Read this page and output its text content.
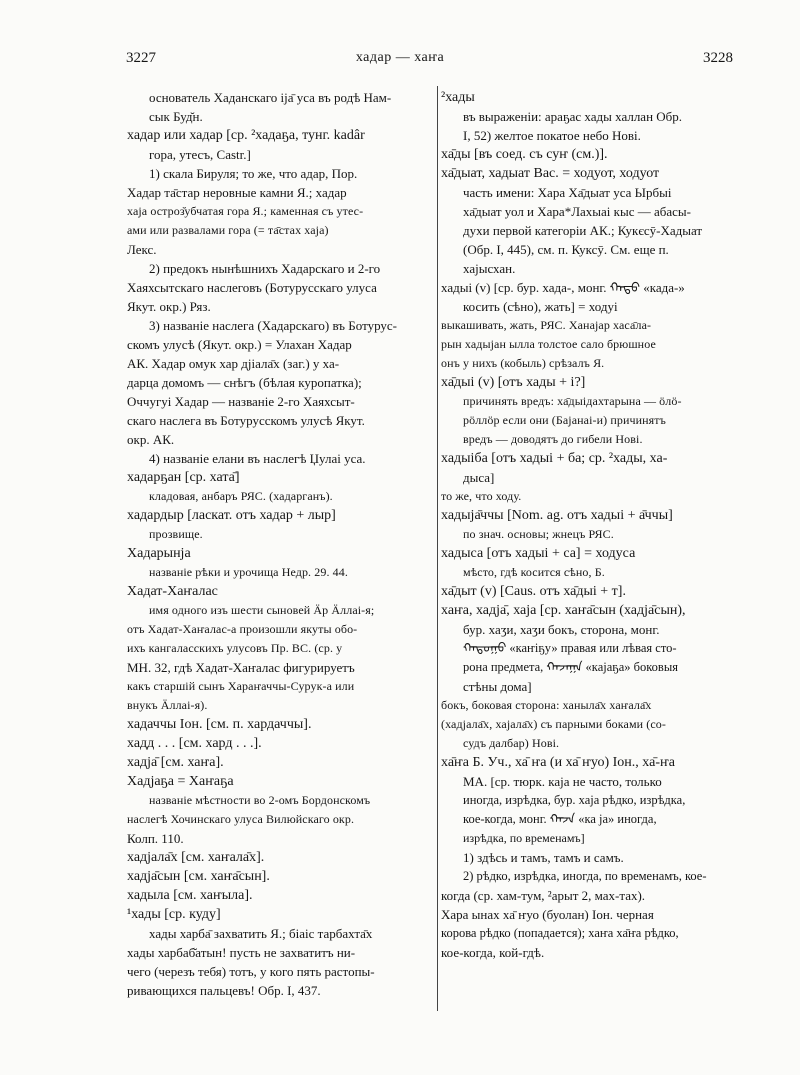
3227	хадар — хаҥа	3228
основатель Хаданскаго іја̄ уса въ родѣ Нам-
сык Буд̆н.
хадар или хадар [ср. ²хадаҕа, тунг. kadâr
гора, утесъ, Castr.]
1) скала Бируля; то же, что адар, Пор.
Хадар та̄стар неровные камни Я.; хадар
хаја остроз̆убчатая гора Я.; каменная съ утес-
ами или развалами гора (= та̄стах хаја)
Лекс.
2) предокъ нынѣшнихъ Хадарскаго и 2-го
Хаяхсытскаго наслеговъ (Ботурусскаго улуса
Якут. окр.) Ряз.
3) названіе наслега (Хадарскаго) въ Ботурус-
скомъ улусѣ (Якут. окр.) = Улахан Хадар
АК. Хадар омук хар дјіала̄х (заг.) у ха-
дарца домомъ — снѣгъ (бѣлая куропатка);
Оччугуі Хадар — названіе 2-го Хаяхсыт-
скаго наслега въ Ботурусскомъ улусѣ Якут.
окр. АК.
4) названіе елани въ наслегѣ Џулаі уса.
хадарҕан [ср. хата̄]
кладовая, анбаръ РЯС. (хадарганъ).
хадардыр [ласкат. отъ хадар + лыр]
прозвище.
Хадарынја
названіе рѣки и урочища Недр. 29. 44.
Хадат-Хаҥалас
имя одного изъ шести сыновей Ӓр Ӓллаі-я;
отъ Хадат-Хаҥалас-а произошли якуты обо-
ихъ кангаласскихъ улусовъ Пр. ВС. (ср. у
МН. 32, гдѣ Хадат-Хаҥалас фигурируетъ
какъ старшій сынъ Хараҥаччы-Сурук-а или
внукъ Ӓллаі-я).
хадаччы Іон. [см. п. хардаччы].
хадд . . . [см. хард . . .].
хадја̄ [см. хаҥа].
Хадјаҕа = Хаҥаҕа
названіе мѣстности во 2-омъ Бордонскомъ
наслегѣ Хочинскаго улуса Вилюйскаго окр.
Колп. 110.
хадјала̄х [см. хаҥала̄х].
хадја̄сын [см. хаҥа̄сын].
хадыла [см. хаҥыла].
¹хады [ср. куду]
хады харба̄ захватить Я.; біаіс тарбахта̄х
хады харбаб̆атын! пусть не захватитъ ни-
чего (черезъ тебя) тотъ, у кого пять растопы-
ривающихся пальцевъ! Обр. І, 437.
²хады
въ выраженіи: араҕас хады халлан Обр.
I, 52) желтое покатое небо Нові.
ха̄ды [въ соед. съ суҥ (см.)].
ха̄дыат, хадыат Вас. = ходуот, ходуот
часть имени: Хара Ха̄дыат уса Ырбыі
ха̄дыат уол и Хара*Лахыаі кыс — абасы-
духи первой категоріи АК.; Кукєсӯ-Хадыат
(Обр. I, 445), см. п. Куксӯ. См. еще п.
хајысхан.
хадыі (v) [ср. бур. хада-, монг. ᠬᠠᠳᠤ «када-»
косить (сѣно), жать] = ходуі
выкашивать, жать, РЯС. Ханајар хаса̄ла-
рын хадыјан ылла толстое сало брюшное
онъ у нихъ (кобыль) срѣзалъ Я.
ха̄дыі (v) [отъ хады + і?]
причинять вредъ: ха̄дыідахтарына — öлö-
pöллöр если они (Бајанаі-и) причинятъ
вредъ — доводятъ до гибели Нові.
хадыіба [отъ хадыі + ба; ср. ²хады, ха-
дыса]
то же, что ходу.
хадыја̄ччы [Nom. ag. отъ хадыі + а̄ччы]
по знач. основы; жнецъ РЯС.
хадыса [отъ хадыі + са] = ходуса
мѣсто, гдѣ косится сѣно, Б.
ха̄дыт (v) [Caus. отъ ха̄дыі + т].
хаҥа, хадја̄, хаја [ср. хаҥа̄сын (хадја̄сын),
бур. хаӡи, хаӡи бокъ, сторона, монг.
ᠬᠠᠳᠤᠭᠤ «каҥіҕу» правая или лѣвая сто-
рона предмета, ᠬᠠᠵᠠᠭᠠ «кајаҕа» боковыя
стѣны дома]
бокъ, боковая сторона: ханыла̄х хаҥала̄х
(хадјала̄х, хајала̄х) съ парными боками (со-
судъ далбар) Нові.
ха̄ҥа Б. Уч., ха̄ ҥа (и ха̄ ҥуо) Іон., ха̄-ҥа
МА. [ср. тюрк. каја не часто, только
иногда, изрѣдка, бур. хаја рѣдко, изрѣдка,
кое-когда, монг. ᠬᠠᠵᠠ «ка ја» иногда,
изрѣдка, по временамъ]
1) здѣсь и тамъ, тамъ и самъ.
2) рѣдко, изрѣдка, иногда, по временамъ, кое-
когда (ср. хам-тум, ²арыт 2, мах-тах).
Хара ынах ха̄ ҥуо (буолан) Іон. черная
корова рѣдко (попадается); хаҥа ха̄ҥа рѣдко,
кое-когда, кой-гдѣ.
